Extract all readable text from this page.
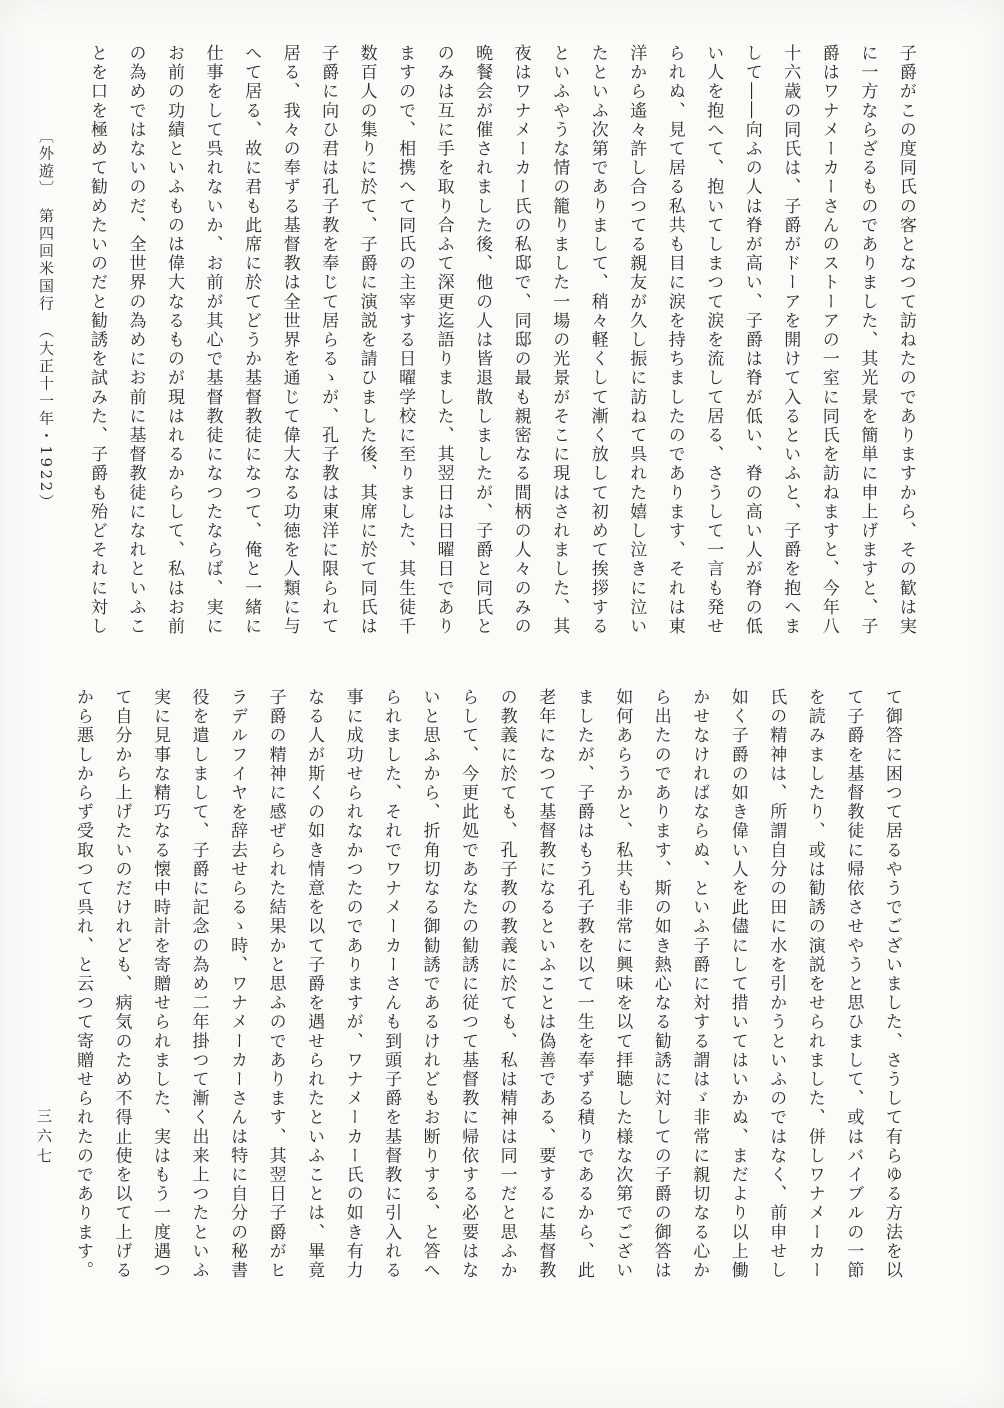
〔外遊〕　第四回米国行　（大正十一年・1922）	子爵がこの度同氏の客となつて訪ねたのでありますから、その歓は実
に一方ならざるものでありました、其光景を簡単に申上げますと、子
爵はワナメーカーさんのストーアの一室に同氏を訪ねますと、今年八
十六歳の同氏は、子爵がドーアを開けて入るといふと、子爵を抱へま
して――向ふの人は脊が高い、子爵は脊が低い、脊の高い人が脊の低
い人を抱へて、抱いてしまつて涙を流して居る、さうして一言も発せ
られぬ、見て居る私共も目に涙を持ちましたのであります、それは東
洋から遙々許し合つてる親友が久し振に訪ねて呉れた嬉し泣きに泣い
たといふ次第でありまして、稍々軽くして漸く放して初めて挨拶する
といふやうな情の籠りました一場の光景がそこに現はされました、其
夜はワナメーカー氏の私邸で、同邸の最も親密なる間柄の人々のみの
晩餐会が催されました後、他の人は皆退散しましたが、子爵と同氏と
のみは互に手を取り合ふて深更迄語りました、其翌日は日曜日であり
ますので、相携へて同氏の主宰する日曜学校に至りました、其生徒千
数百人の集りに於て、子爵に演説を請ひました後、其席に於て同氏は
子爵に向ひ君は孔子教を奉じて居らるゝが、孔子教は東洋に限られて
居る、我々の奉ずる基督教は全世界を通じて偉大なる功徳を人類に与
へて居る、故に君も此席に於てどうか基督教徒になつて、俺と一緒に
仕事をして呉れないか、お前が其心で基督教徒になつたならば、実に
お前の功績といふものは偉大なるものが現はれるからして、私はお前
の為めではないのだ、全世界の為めにお前に基督教徒になれといふこ
とを口を極めて勧めたいのだと勧誘を試みた、子爵も殆どそれに対し
て御答に困つて居るやうでございました、さうして有らゆる方法を以
て子爵を基督教徒に帰依させやうと思ひまして、或はバイブルの一節
を読みましたり、或は勧誘の演説をせられました、併しワナメーカー
氏の精神は、所謂自分の田に水を引かうといふのではなく、前申せし
如く子爵の如き偉い人を此儘にして措いてはいかぬ、まだより以上働
かせなければならぬ、といふ子爵に対する謂はゞ非常に親切なる心か
ら出たのであります、斯の如き熱心なる勧誘に対しての子爵の御答は
如何あらうかと、私共も非常に興味を以て拝聴した様な次第でござい
ましたが、子爵はもう孔子教を以て一生を奉ずる積りであるから、此
老年になつて基督教になるといふことは偽善である、要するに基督教
の教義に於ても、孔子教の教義に於ても、私は精神は同一だと思ふか
らして、今更此処であなたの勧誘に従つて基督教に帰依する必要はな
いと思ふから、折角切なる御勧誘であるけれどもお断りする、と答へ
られました、それでワナメーカーさんも到頭子爵を基督教に引入れる
事に成功せられなかつたのでありますが、ワナメーカー氏の如き有力
なる人が斯くの如き情意を以て子爵を遇せられたといふことは、畢竟
子爵の精神に感ぜられた結果かと思ふのであります、其翌日子爵がヒ
ラデルフイヤを辞去せらるゝ時、ワナメーカーさんは特に自分の秘書
役を遣しまして、子爵に記念の為め二年掛つて漸く出来上つたといふ
実に見事な精巧なる懐中時計を寄贈せられました、実はもう一度遇つ
て自分から上げたいのだけれども、病気のため不得止使を以て上げる
から悪しからず受取つて呉れ、と云つて寄贈せられたのであります。
三六七
